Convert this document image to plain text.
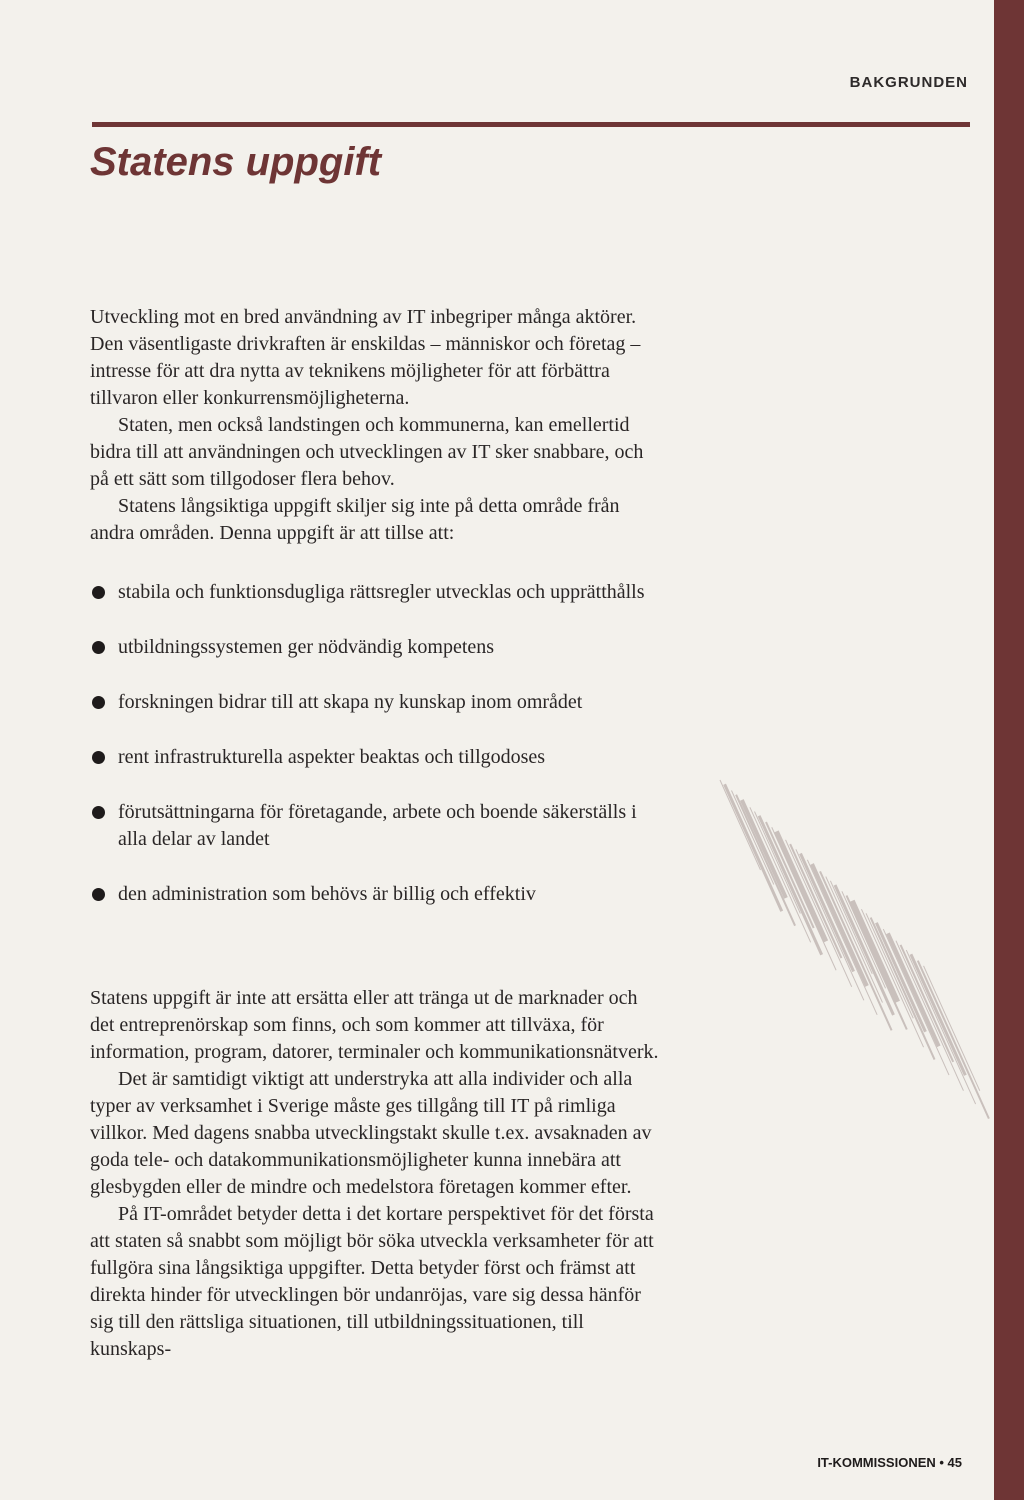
BAKGRUNDEN
Statens uppgift

Utveckling mot en bred användning av IT inbegriper många aktörer. Den väsentligaste drivkraften är enskildas – människor och företag – intresse för att dra nytta av teknikens möjligheter för att förbättra tillvaron eller konkurrensmöjligheterna.

Staten, men också landstingen och kommunerna, kan emellertid bidra till att användningen och utvecklingen av IT sker snabbare, och på ett sätt som tillgodoser flera behov.

Statens långsiktiga uppgift skiljer sig inte på detta område från andra områden. Denna uppgift är att tillse att:

stabila och funktionsdugliga rättsregler utvecklas och upprätthålls
utbildningssystemen ger nödvändig kompetens
forskningen bidrar till att skapa ny kunskap inom området
rent infrastrukturella aspekter beaktas och tillgodoses
förutsättningarna för företagande, arbete och boende säkerställs i alla delar av landet
den administration som behövs är billig och effektiv

Statens uppgift är inte att ersätta eller att tränga ut de marknader och det entreprenörskap som finns, och som kommer att tillväxa, för information, program, datorer, terminaler och kommunikationsnätverk.

Det är samtidigt viktigt att understryka att alla individer och alla typer av verksamhet i Sverige måste ges tillgång till IT på rimliga villkor. Med dagens snabba utvecklingstakt skulle t.ex. avsaknaden av goda tele- och datakommunikationsmöjligheter kunna innebära att glesbygden eller de mindre och medelstora företagen kommer efter.

På IT-området betyder detta i det kortare perspektivet för det första att staten så snabbt som möjligt bör söka utveckla verksamheter för att fullgöra sina långsiktiga uppgifter. Detta betyder först och främst att direkta hinder för utvecklingen bör undanröjas, vare sig dessa hänför sig till den rättsliga situationen, till utbildningssituationen, till kunskaps-

IT-KOMMISSIONEN • 45
